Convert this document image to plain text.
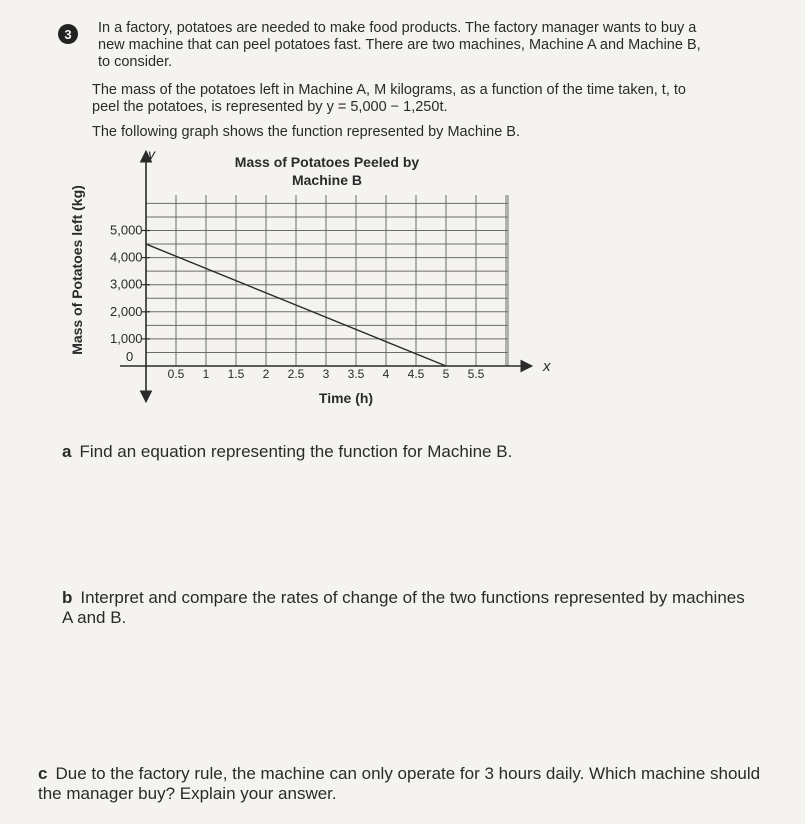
3	In a factory, potatoes are needed to make food products. The factory manager wants to buy a
new machine that can peel potatoes fast. There are two machines, Machine A and Machine B,
to consider.
The mass of the potatoes left in Machine A, M kilograms, as a function of the time taken, t, to
peel the potatoes, is represented by y = 5,000 − 1,250t.
The following graph shows the function represented by Machine B.
Mass of Potatoes Peeled by
Machine B
x
y
0
0.5 1 1.5 2 2.5 3 3.5 4 4.5 5 5.5
1,000
2,000
3,000
4,000
5,000
Time (h)
Mass of Potatoes left (kg)
a Find an equation representing the function for Machine B.
b Interpret and compare the rates of change of the two functions represented by machines
A and B.
c Due to the factory rule, the machine can only operate for 3 hours daily. Which machine should
the manager buy? Explain your answer.
